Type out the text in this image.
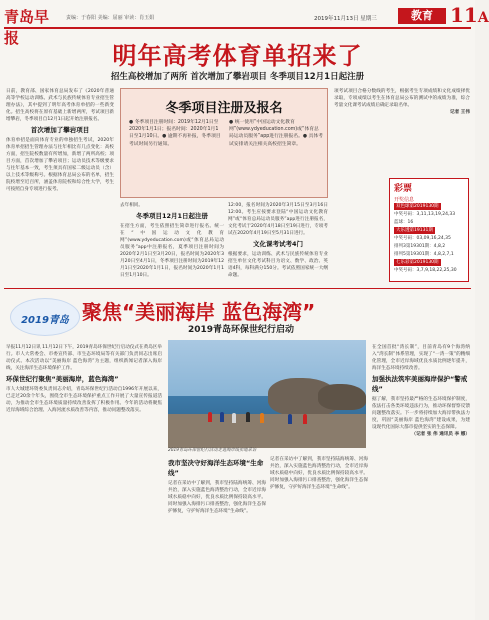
青岛早报
责编：于春阳 美编：屈丽 审读：肖玉娟	2019年11月13日 星期三	教育 11A
明年高考体育单招来了
招生高校增加了两所 首次增加了攀岩项目 冬季项目12月1日起注册

日前，教育部、国家体育总局发布了《2020年普通高等学校运动训练、武术与民族传统体育专业招生管理办法》，其中提到了明年高考体育单招的一些新变化。招生高校将在原有基础上新增两所，考试项目新增攀岩，冬季项目自12月1日起开始注册报名。

首次增加了攀岩项目

体育单招是面向体育专业的单独招生考试，2020年体育单招招生管理办法与往年相比有几点变化：高校方面，招生院校数量有所增加，新增了两所高校；项目方面，首次增加了攀岩项目；运动员技术等级要求与往年基本一致，考生须具有国家二级运动员（含）以上技术等级称号。根据体育总局公布的名单，招生院校增至近百所，涵盖体育院校和综合性大学，考生可按照自身专项进行报考。

冬季项目注册及报名
● 冬季项目注册时间：2019年12月1日至2020年1月1日；报名时间：2020年1月1日至1月10日。● 逾期不再补报，冬季项目考试时间另行通知。
● 统一使用“中国运动文化教育网”(www.ydyeducation.com)或“体育总局运动员服务”app进行注册报名。● 具体考试安排请关注相关高校招生简章。

去年相同。

冬季项目12月1日起注册

在招生方面，考生依照招生简章进行报名。统一在“中国运动文化教育网”(www.ydyeducation.com)或“体育总局运动员服务”app中注册报名，夏季项目注册时间为2020年2月1日至3月20日，报名时间为2020年3月20日至4月1日，冬季项目注册时间为2019年12月1日至2020年1月1日，报名时间为2020年1月1日至1月10日。

12:00，报名时间为2020年3月15日至3月16日12:00。考生应按要求登陆“中国运动文化教育网”或“体育总局运动员服务”app进行注册报名，文化考试于2020年4月18日至19日进行，专项考试在2020年4月19日至5月31日进行。

文化课考试考4门

根据要求，运动训练、武术与民族传统体育专业招生单位文化考试科目为语文、数学、政治、英语4科，每科满分150分。考试依照国家统一大纲命题。

项考试项目合格分数线的考生，根据考生专项成绩和文化成绩择优录取，专项成绩以考生在体育总局公布的测试中的成绩为准，综合考量文化课考试成绩后确定录取名单。

记者 王伟

彩票
开奖信息
双色球第2019130期
中奖号码：3,11,13,19,24,33
蓝球：16
大乐透第19131期
中奖号码：03,09,16,24,35
排列3第19301期：4,8,2
排列5第19301期：4,8,2,7,1
七乐彩第2019130期
中奖号码：3,7,9,18,22,25,30
2019青岛 聚焦“美丽海岸 蓝色海湾”
2019青岛环保世纪行启动

早报11月12日讯 11月12日下午，2019青岛环保世纪行启动仪式在黄岛区举行。市人大常委会、市委宣传部、市生态环境局等有关部门负责同志出席启动仪式。本次活动以“美丽海岸 蓝色海湾”为主题，组织新闻记者深入海岸线，关注海洋生态环境保护工作。

环保世纪行聚焦“美丽海岸，蓝色海湾”

市人大城建环资委负责同志介绍，青岛环保世纪行活动自1996年开展以来，已走过20余个年头，围绕全市生态环境保护重点工作开展了大量宣传报道活动，为推动全市生态环境质量持续改善发挥了积极作用。今年的活动将聚焦近岸海域综合治理、入海河流水质改善等内容，推动问题整改落实。

2019青岛环保世纪行活动走进海岸线实地采访
我市坚决守好海洋生态环境“生命线”

记者在采访中了解到，我市坚持陆海统筹、河海共治，深入实施蓝色海湾整治行动，全市近岸海域水质稳中向好，优良水质比例保持较高水平。同时加强入海排污口排查整治，强化海洋生态保护修复，守护好海洋生态环境“生命线”。

记者在采访中了解到，我市坚持陆海统筹、河海共治，深入实施蓝色海湾整治行动，全市近岸海域水质稳中向好，优良水质比例保持较高水平。同时加强入海排污口排查整治，强化海洋生态保护修复，守护好海洋生态环境“生命线”。

在全国首批“湾长制”，目前青岛有9个海湾纳入“湾长制”体系管理，实现了“一湾一策”的精细化管理，全市近岸海域优良水质比例逐年提升，海洋生态环境持续改善。

加强执法筑牢美丽海岸保护“警戒线”

据了解，我市坚持最严格的生态环境保护制度，依法打击各类环境违法行为，推动环保督察反馈问题整改落实。下一步将持续加大海岸带执法力度，巩固“美丽海岸 蓝色海湾”建设成果，为建设现代化国际大都市提供坚实的生态保障。

（记者 张 伟 通讯员 李 娜）
